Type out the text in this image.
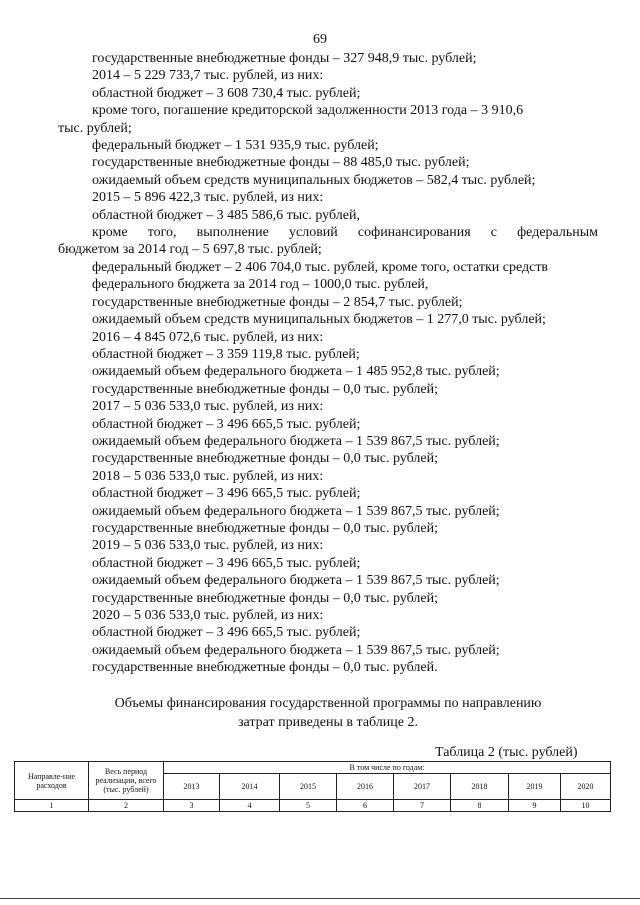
69
государственные внебюджетные фонды – 327 948,9 тыс. рублей;
2014 – 5 229 733,7 тыс. рублей, из них:
областной бюджет – 3 608 730,4 тыс. рублей;
кроме того, погашение кредиторской задолженности 2013 года – 3 910,6
тыс. рублей;
федеральный бюджет – 1 531 935,9 тыс. рублей;
государственные внебюджетные фонды – 88 485,0 тыс. рублей;
ожидаемый объем средств муниципальных бюджетов – 582,4 тыс. рублей;
2015 – 5 896 422,3 тыс. рублей, из них:
областной бюджет – 3 485 586,6 тыс. рублей,
кроме того, выполнение условий софинансирования с федеральным
бюджетом за 2014 год – 5 697,8 тыс. рублей;
федеральный бюджет – 2 406 704,0 тыс. рублей, кроме того, остатки средств
федерального бюджета за 2014 год – 1000,0 тыс. рублей,
государственные внебюджетные фонды – 2 854,7 тыс. рублей;
ожидаемый объем средств муниципальных бюджетов – 1 277,0 тыс. рублей;
2016 – 4 845 072,6 тыс. рублей, из них:
областной бюджет – 3 359 119,8 тыс. рублей;
ожидаемый объем федерального бюджета – 1 485 952,8 тыс. рублей;
государственные внебюджетные фонды – 0,0 тыс. рублей;
2017 – 5 036 533,0 тыс. рублей, из них:
областной бюджет – 3 496 665,5 тыс. рублей;
ожидаемый объем федерального бюджета – 1 539 867,5 тыс. рублей;
государственные внебюджетные фонды – 0,0 тыс. рублей;
2018 – 5 036 533,0 тыс. рублей, из них:
областной бюджет – 3 496 665,5 тыс. рублей;
ожидаемый объем федерального бюджета – 1 539 867,5 тыс. рублей;
государственные внебюджетные фонды – 0,0 тыс. рублей;
2019 – 5 036 533,0 тыс. рублей, из них:
областной бюджет – 3 496 665,5 тыс. рублей;
ожидаемый объем федерального бюджета – 1 539 867,5 тыс. рублей;
государственные внебюджетные фонды – 0,0 тыс. рублей;
2020 – 5 036 533,0 тыс. рублей, из них:
областной бюджет – 3 496 665,5 тыс. рублей;
ожидаемый объем федерального бюджета – 1 539 867,5 тыс. рублей;
государственные внебюджетные фонды – 0,0 тыс. рублей.
Объемы финансирования государственной программы по направлению
затрат приведены в таблице 2.
Таблица 2 (тыс. рублей)
Направле-ние расходов	Весь период реализации, всего (тыс. рублей)	В том числе по годам:							
		2013	2014	2015	2016	2017	2018	2019	2020
1	2	3	4	5	6	7	8	9	10
